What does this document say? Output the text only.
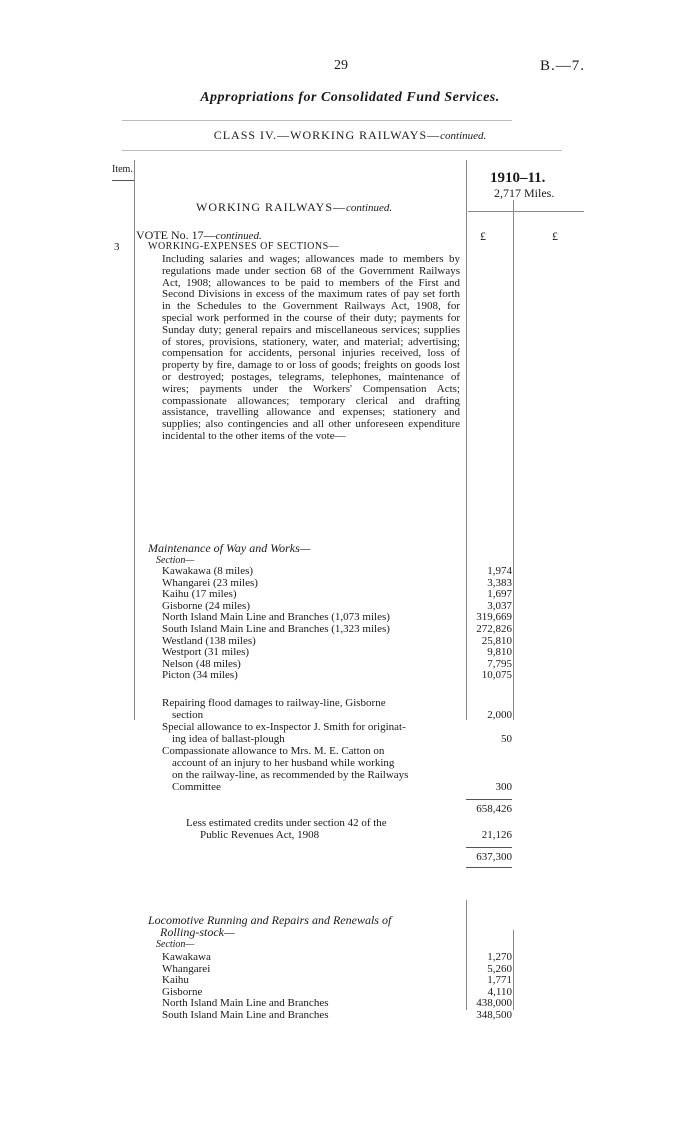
29	B.—7.
Appropriations for Consolidated Fund Services.
CLASS IV.—WORKING RAILWAYS—continued.
Item.
1910–11.
2,717 Miles.
£	£
WORKING RAILWAYS—continued.
VOTE No. 17—continued.
3	WORKING-EXPENSES OF SECTIONS—
Including salaries and wages; allowances made to members by regulations made under section 68 of the Government Railways Act, 1908; allowances to be paid to members of the First and Second Divisions in excess of the maximum rates of pay set forth in the Schedules to the Government Railways Act, 1908, for special work performed in the course of their duty; payments for Sunday duty; general repairs and miscellaneous services; supplies of stores, provisions, stationery, water, and material; advertising; compensation for accidents, personal injuries received, loss of property by fire, damage to or loss of goods; freights on goods lost or destroyed; postages, telegrams, telephones, maintenance of wires; payments under the Workers' Compensation Acts; compassionate allowances; temporary clerical and drafting assistance, travelling allowance and expenses; stationery and supplies; also contingencies and all other unforeseen expenditure incidental to the other items of the vote—
Maintenance of Way and Works—
Section—
Kawakawa (8 miles)	1,974
Whangarei (23 miles)	3,383
Kaihu (17 miles)	1,697
Gisborne (24 miles)	3,037
North Island Main Line and Branches (1,073 miles)	319,669
South Island Main Line and Branches (1,323 miles)	272,826
Westland (138 miles)	25,810
Westport (31 miles)	9,810
Nelson (48 miles)	7,795
Picton (34 miles)	10,075
Repairing flood damages to railway-line, Gisborne
section	2,000
Special allowance to ex-Inspector J. Smith for originat-
ing idea of ballast-plough	50
Compassionate allowance to Mrs. M. E. Catton on
account of an injury to her husband while working
on the railway-line, as recommended by the Railways
Committee	300
658,426
Less estimated credits under section 42 of the
Public Revenues Act, 1908	21,126
637,300
Locomotive Running and Repairs and Renewals of
Rolling-stock—
Section—
Kawakawa	1,270
Whangarei	5,260
Kaihu	1,771
Gisborne	4,110
North Island Main Line and Branches	438,000
South Island Main Line and Branches	348,500
